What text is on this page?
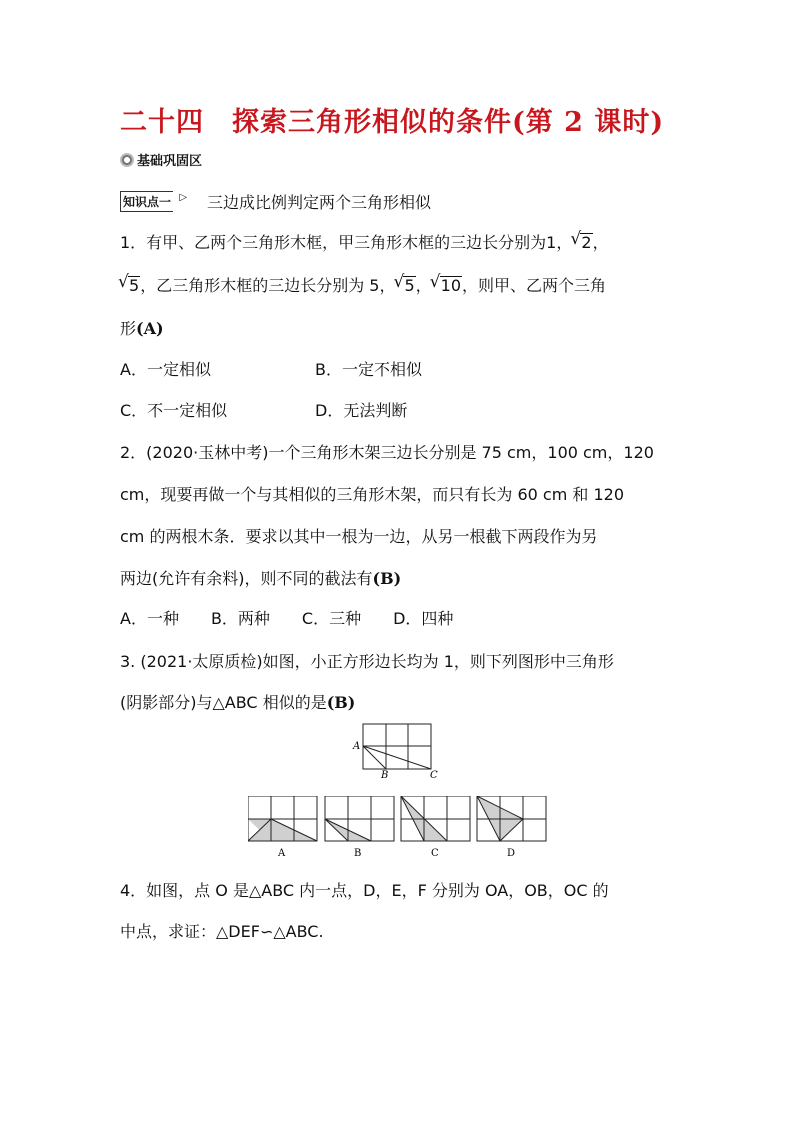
二十四　探索三角形相似的条件(第 2 课时)
基础巩固区
知识点一 ▷ 三边成比例判定两个三角形相似
1．有甲、乙两个三角形木框，甲三角形木框的三边长分别为1， √ 2，
√ 5，乙三角形木框的三边长分别为 5， √ 5， √ 10，则甲、乙两个三角
形(A)
A．一定相似	B．一定不相似
C．不一定相似	D．无法判断
2．(2020·玉林中考)一个三角形木架三边长分别是 75 cm，100 cm，120
cm，现要再做一个与其相似的三角形木架，而只有长为 60 cm 和 120
cm 的两根木条．要求以其中一根为一边，从另一根截下两段作为另
两边(允许有余料)，则不同的截法有(B)
A．一种　　B．两种　　C．三种　　D．四种
3. (2021·太原质检)如图，小正方形边长均为 1，则下列图形中三角形
(阴影部分)与△ABC 相似的是(B)
A
B	C
A	B	C	D
4．如图，点 O 是△ABC 内一点，D，E，F 分别为 OA，OB，OC 的
中点，求证：△DEF∽△ABC.
